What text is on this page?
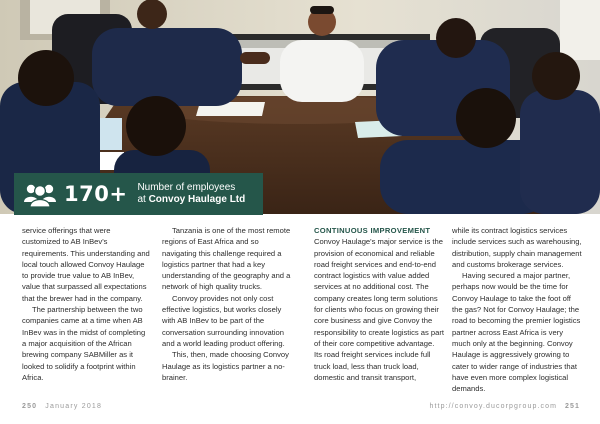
170+ Number of employees
at Convoy Haulage Ltd

service offerings that were customized to AB InBev's requirements. This understanding and local touch allowed Convoy Haulage to provide true value to AB InBev, value that surpassed all expectations that the brewer had in the company.

The partnership between the two companies came at a time when AB InBev was in the midst of completing a major acquisition of the African brewing company SABMiller as it looked to solidify a footprint within Africa.

Tanzania is one of the most remote regions of East Africa and so navigating this challenge required a logistics partner that had a key understanding of the geography and a network of high quality trucks.

Convoy provides not only cost effective logistics, but works closely with AB InBev to be part of the conversation surrounding innovation and a world leading product offering.

This, then, made choosing Convoy Haulage as its logistics partner a no-brainer.

CONTINUOUS IMPROVEMENT

Convoy Haulage's major service is the provision of economical and reliable road freight services and end-to-end contract logistics with value added services at no additional cost. The company creates long term solutions for clients who focus on growing their core business and give Convoy the responsibility to create logistics as part of their core competitive advantage. Its road freight services include full truck load, less than truck load, domestic and transit transport,

while its contract logistics services include services such as warehousing, distribution, supply chain management and customs brokerage services.

Having secured a major partner, perhaps now would be the time for Convoy Haulage to take the foot off the gas? Not for Convoy Haulage; the road to becoming the premier logistics partner across East Africa is very much only at the beginning. Convoy Haulage is aggressively growing to cater to wider range of industries that have even more complex logistical demands.

250 January 2018	http://convoy.ducorpgroup.com 251
